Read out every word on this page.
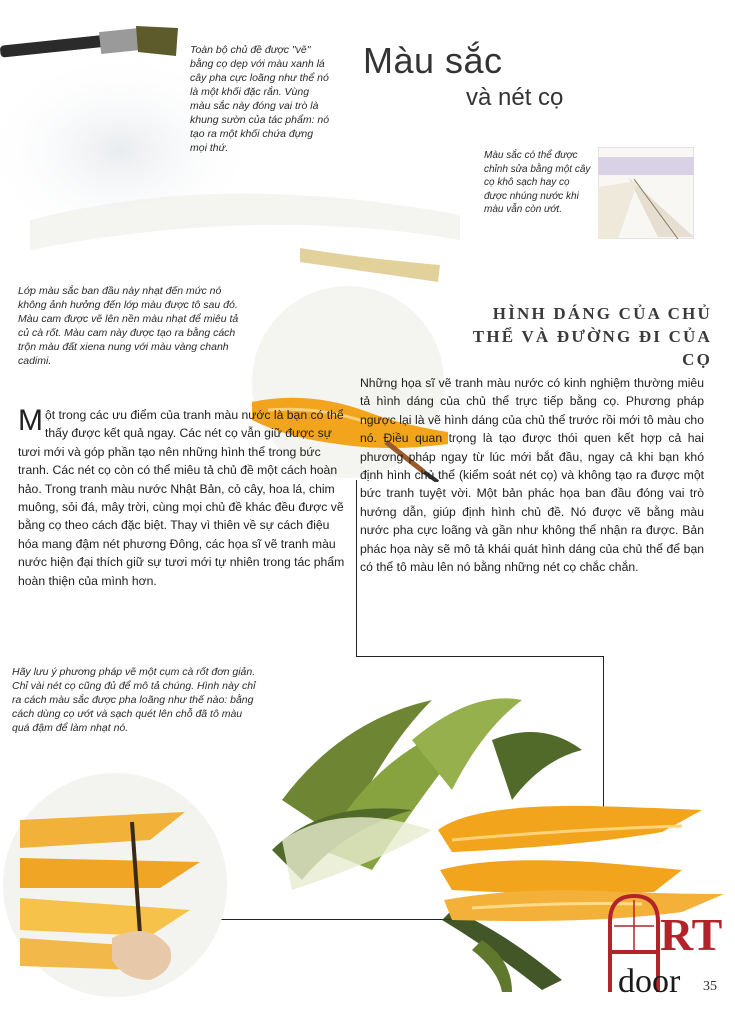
Màu sắc
và nét cọ
Toàn bộ chủ đề được "vẽ" bằng cọ dẹp với màu xanh lá cây pha cực loãng như thể nó là một khối đặc rắn. Vùng màu sắc này đóng vai trò là khung sườn của tác phẩm: nó tạo ra một khối chứa đựng mọi thứ.
Màu sắc có thể được chỉnh sửa bằng một cây cọ khô sạch hay cọ được nhúng nước khi màu vẫn còn ướt.
Lớp màu sắc ban đầu này nhạt đến mức nó không ảnh hưởng đến lớp màu được tô sau đó. Màu cam được vẽ lên nền màu nhạt để miêu tả củ cà rốt. Màu cam này được tạo ra bằng cách trộn màu đất xiena nung với màu vàng chanh cadimi.
HÌNH DÁNG CỦA CHỦ THỂ VÀ ĐƯỜNG ĐI CỦA CỌ
Một trong các ưu điểm của tranh màu nước là bạn có thể thấy được kết quả ngay. Các nét cọ vẫn giữ được sự tươi mới và góp phần tạo nên những hình thể trong bức tranh. Các nét cọ còn có thể miêu tả chủ đề một cách hoàn hảo. Trong tranh màu nước Nhật Bản, cỏ cây, hoa lá, chim muông, sỏi đá, mây trời, cùng mọi chủ đề khác đều được vẽ bằng cọ theo cách đặc biệt. Thay vì thiên về sự cách điệu hóa mang đậm nét phương Đông, các họa sĩ vẽ tranh màu nước hiện đại thích giữ sự tươi mới tự nhiên trong tác phẩm hoàn thiện của mình hơn.
Những họa sĩ vẽ tranh màu nước có kinh nghiệm thường miêu tả hình dáng của chủ thể trực tiếp bằng cọ. Phương pháp ngược lại là vẽ hình dáng của chủ thể trước rồi mới tô màu cho nó. Điều quan trọng là tạo được thói quen kết hợp cả hai phương pháp ngay từ lúc mới bắt đầu, ngay cả khi bạn khó định hình chủ thể (kiểm soát nét cọ) và không tạo ra được một bức tranh tuyệt vời. Một bản phác họa ban đầu đóng vai trò hướng dẫn, giúp định hình chủ đề. Nó được vẽ bằng màu nước pha cực loãng và gần như không thể nhận ra được. Bản phác họa này sẽ mô tả khái quát hình dáng của chủ thể để bạn có thể tô màu lên nó bằng những nét cọ chắc chắn.
Hãy lưu ý phương pháp vẽ một cụm cà rốt đơn giản. Chỉ vài nét cọ cũng đủ để mô tả chúng. Hình này chỉ ra cách màu sắc được pha loãng như thế nào: bằng cách dùng cọ ướt và sạch quét lên chỗ đã tô màu quá đậm để làm nhạt nó.
RT
door 35
